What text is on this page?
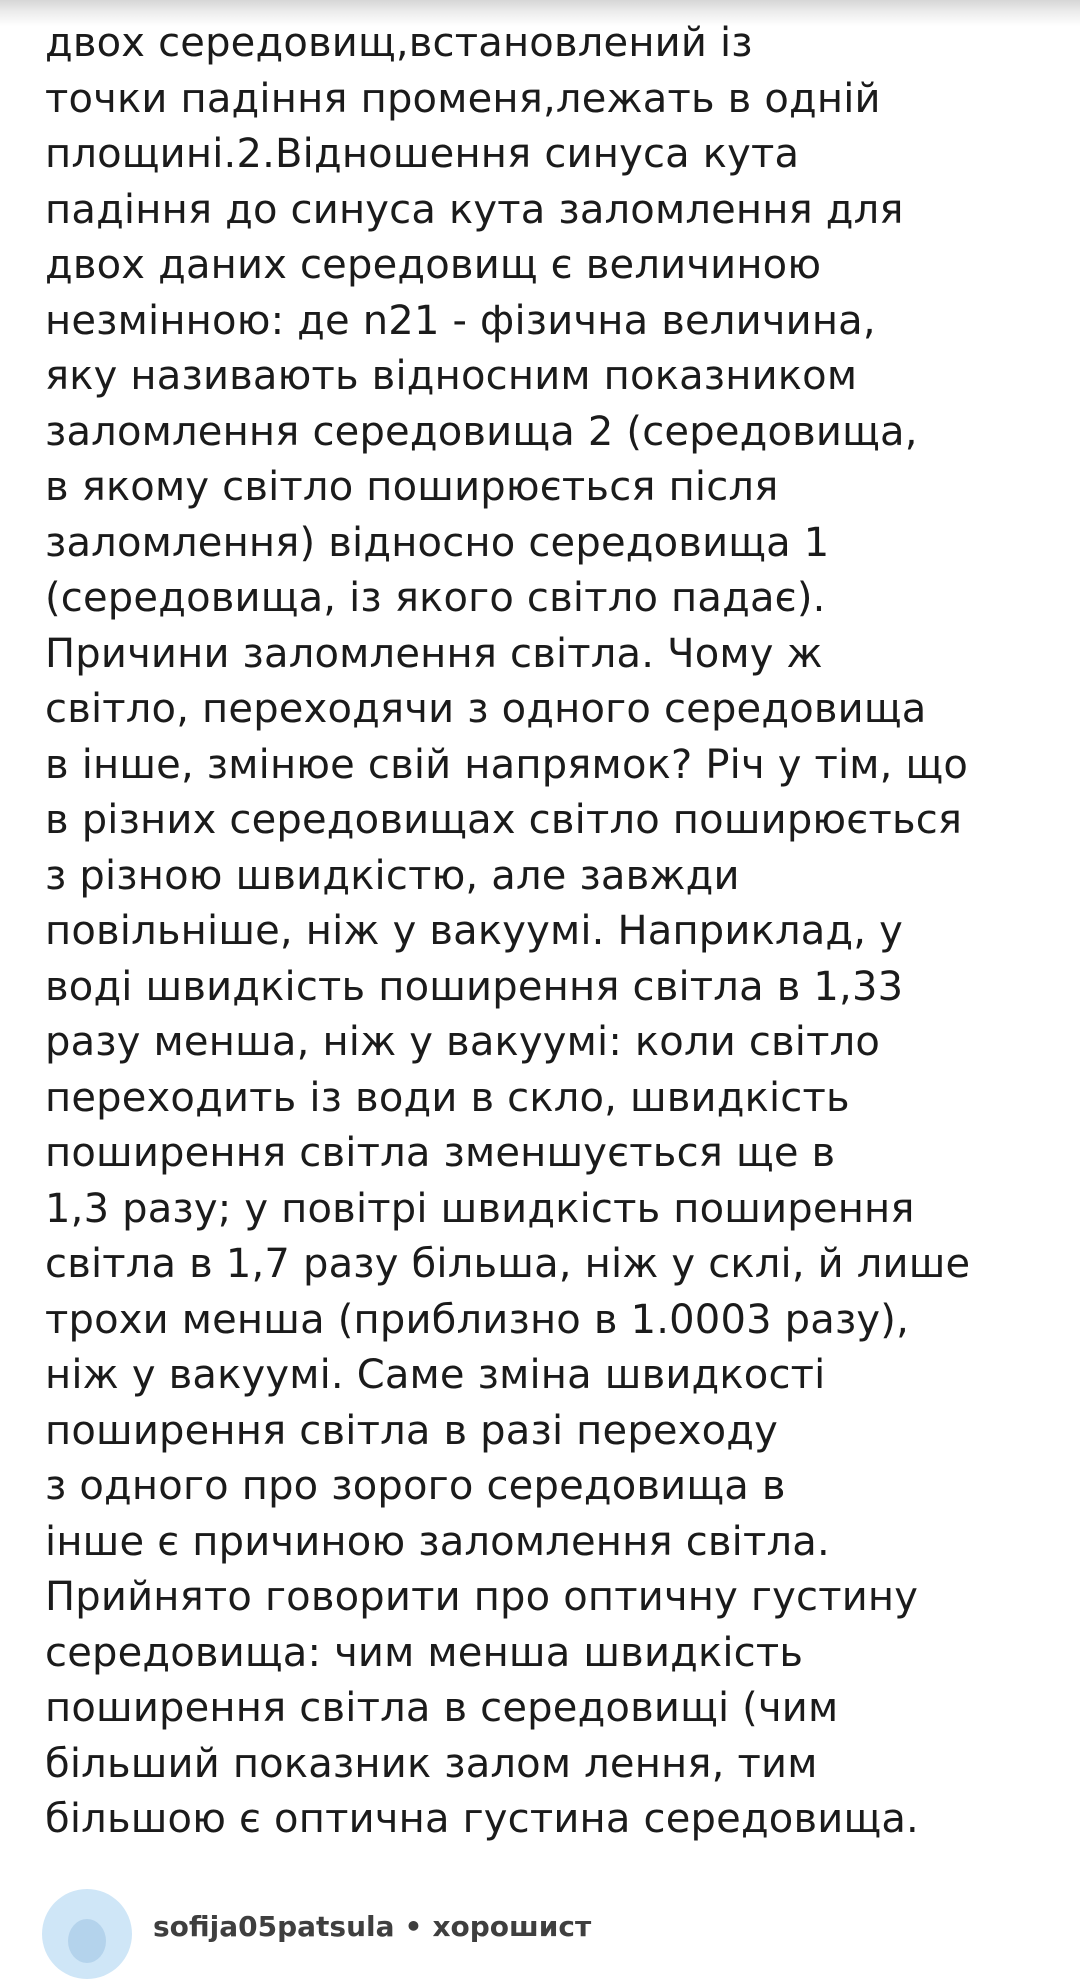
двох середовищ,встановлений із
точки падіння променя,лежать в одній
площині.2.Відношення синуса кута
падіння до синуса кута заломлення для
двох даних середовищ є величиною
незмінною: де n21 - фізична величина,
яку називають відносним показником
заломлення середовища 2 (середовища,
в якому світло поширюється після
заломлення) відносно середовища 1
(середовища, із якого світло падає).
Причини заломлення світла. Чому ж
світло, переходячи з одного середовища
в інше, змінюе свій напрямок? Річ у тім, що
в різних середовищах світло поширюється
з різною швидкістю, але завжди
повільніше, ніж у вакуумі. Наприклад, у
воді швидкість поширення світла в 1,33
разу менша, ніж у вакуумі: коли світло
переходить із води в скло, швидкість
поширення світла зменшується ще в
1,3 разу; у повітрі швидкість поширення
світла в 1,7 разу більша, ніж у склі, й лише
трохи менша (приблизно в 1.0003 разу),
ніж у вакуумі. Саме зміна швидкості
поширення світла в разі переходу
з одного про зорого середовища в
інше є причиною заломлення світла.
Прийнято говорити про оптичну густину
середовища: чим менша швидкість
поширення світла в середовищі (чим
більший показник залом лення, тим
більшою є оптична густина середовища.
sofija05patsula • хорошист
